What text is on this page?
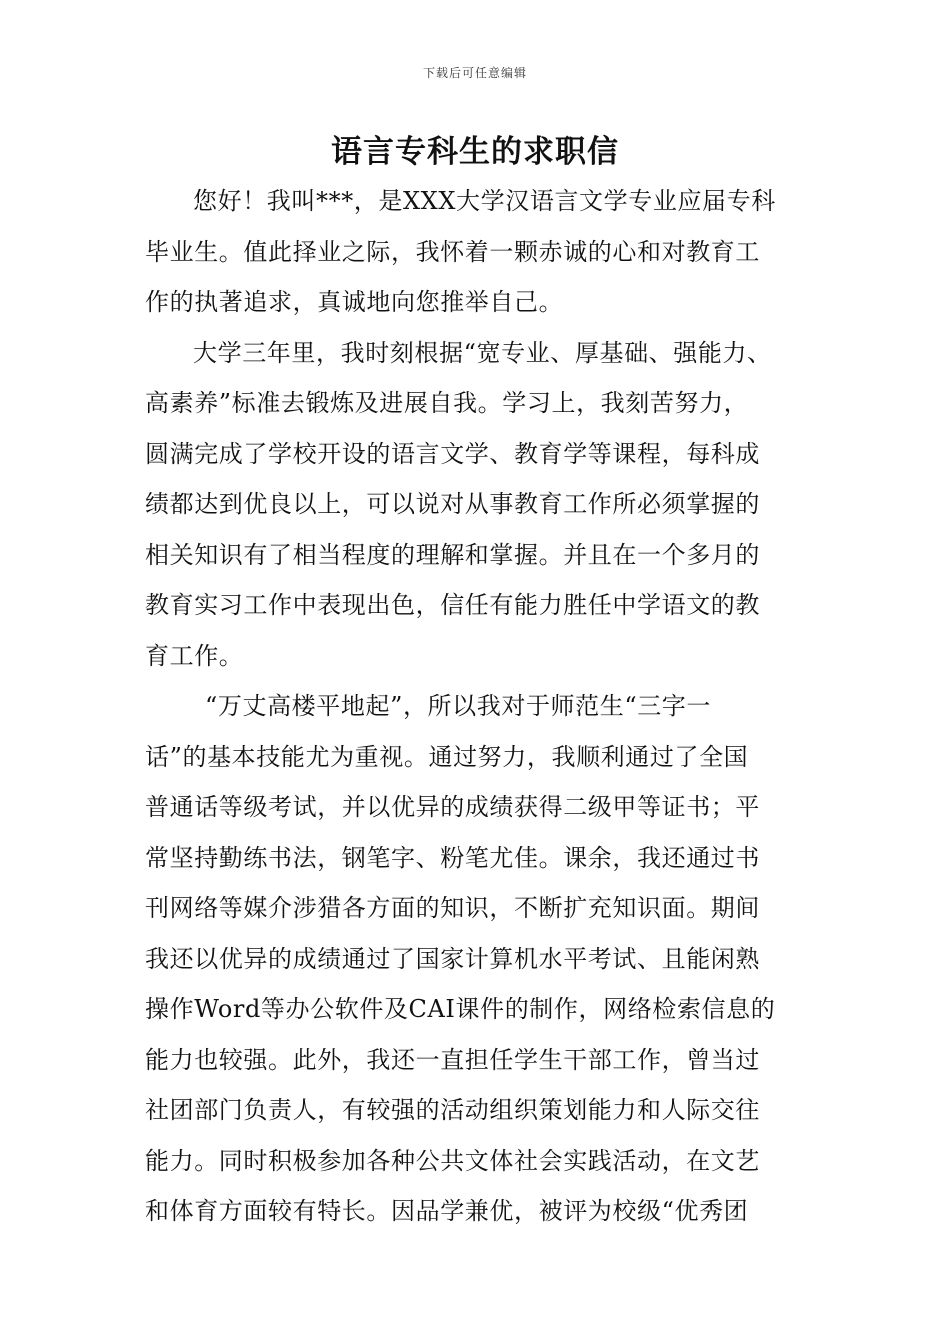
下载后可任意编辑
语言专科生的求职信

您好！我叫***，是XXX大学汉语言文学专业应届专科
毕业生。值此择业之际，我怀着一颗赤诚的心和对教育工
作的执著追求，真诚地向您推举自己。

大学三年里，我时刻根据“宽专业、厚基础、强能力、
高素养”标准去锻炼及进展自我。学习上，我刻苦努力，
圆满完成了学校开设的语言文学、教育学等课程，每科成
绩都达到优良以上，可以说对从事教育工作所必须掌握的
相关知识有了相当程度的理解和掌握。并且在一个多月的
教育实习工作中表现出色，信任有能力胜任中学语文的教
育工作。

“万丈高楼平地起”，所以我对于师范生“三字一
话”的基本技能尤为重视。通过努力，我顺利通过了全国
普通话等级考试，并以优异的成绩获得二级甲等证书；平
常坚持勤练书法，钢笔字、粉笔尤佳。课余，我还通过书
刊网络等媒介涉猎各方面的知识，不断扩充知识面。期间
我还以优异的成绩通过了国家计算机水平考试、且能闲熟
操作Word等办公软件及CAI课件的制作，网络检索信息的
能力也较强。此外，我还一直担任学生干部工作，曾当过
社团部门负责人，有较强的活动组织策划能力和人际交往
能力。同时积极参加各种公共文体社会实践活动，在文艺
和体育方面较有特长。因品学兼优，被评为校级“优秀团
